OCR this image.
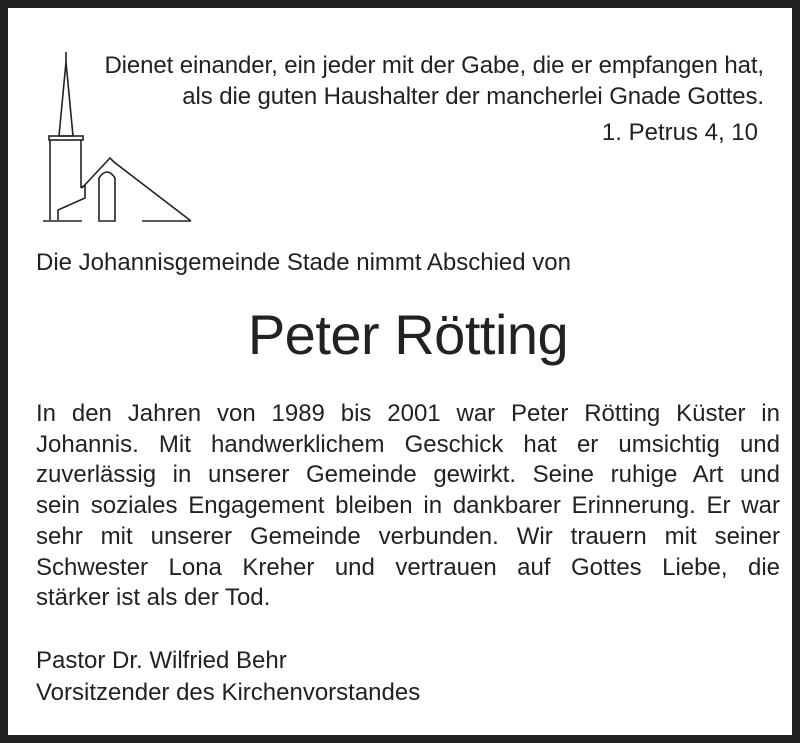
Dienet einander, ein jeder mit der Gabe, die er empfangen hat,
als die guten Haushalter der mancherlei Gnade Gottes.
1. Petrus 4, 10
Die Johannisgemeinde Stade nimmt Abschied von
Peter Rötting
In den Jahren von 1989 bis 2001 war Peter Rötting Küster in
Johannis. Mit handwerklichem Geschick hat er umsichtig und
zuverlässig in unserer Gemeinde gewirkt. Seine ruhige Art und
sein soziales Engagement bleiben in dankbarer Erinnerung. Er war
sehr mit unserer Gemeinde verbunden. Wir trauern mit seiner
Schwester Lona Kreher und vertrauen auf Gottes Liebe, die
stärker ist als der Tod.
Pastor Dr. Wilfried Behr
Vorsitzender des Kirchenvorstandes
